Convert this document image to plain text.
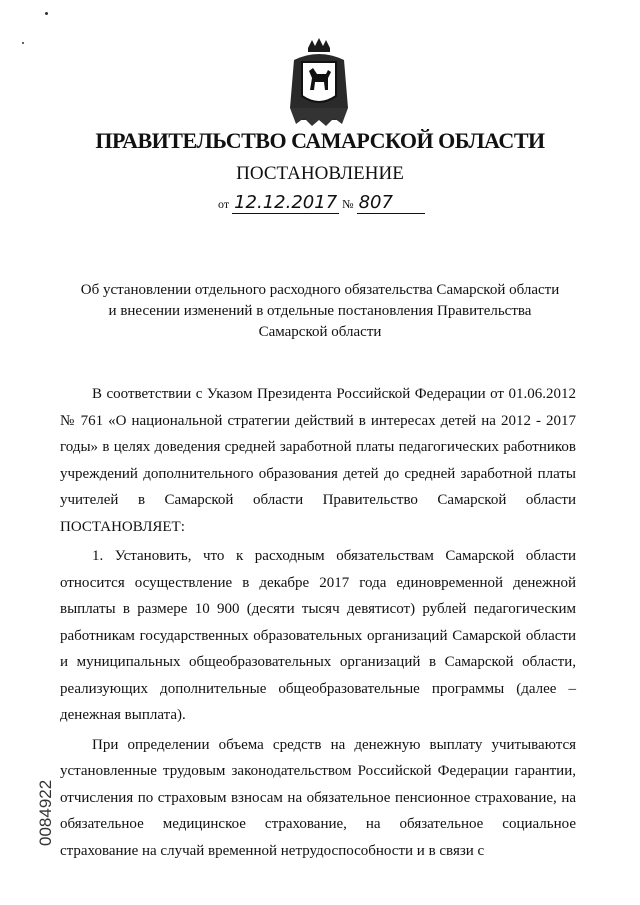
ПРАВИТЕЛЬСТВО САМАРСКОЙ ОБЛАСТИ
ПОСТАНОВЛЕНИЕ
от 12.12.2017 № 807
Об установлении отдельного расходного обязательства Самарской области
и внесении изменений в отдельные постановления Правительства
Самарской области

В соответствии с Указом Президента Российской Федерации от 01.06.2012 № 761 «О национальной стратегии действий в интересах детей на 2012 - 2017 годы» в целях доведения средней заработной платы педагогических работников учреждений дополнительного образования детей до средней заработной платы учителей в Самарской области Правительство Самарской области ПОСТАНОВЛЯЕТ:

1. Установить, что к расходным обязательствам Самарской области относится осуществление в декабре 2017 года единовременной денежной выплаты в размере 10 900 (десяти тысяч девятисот) рублей педагогическим работникам государственных образовательных организаций Самарской области и муниципальных общеобразовательных организаций в Самарской области, реализующих дополнительные общеобразовательные программы (далее – денежная выплата).

При определении объема средств на денежную выплату учитываются установленные трудовым законодательством Российской Федерации гарантии, отчисления по страховым взносам на обязательное пенсионное страхование, на обязательное медицинское страхование, на обязательное социальное страхование на случай временной нетрудоспособности и в связи с

0084922
